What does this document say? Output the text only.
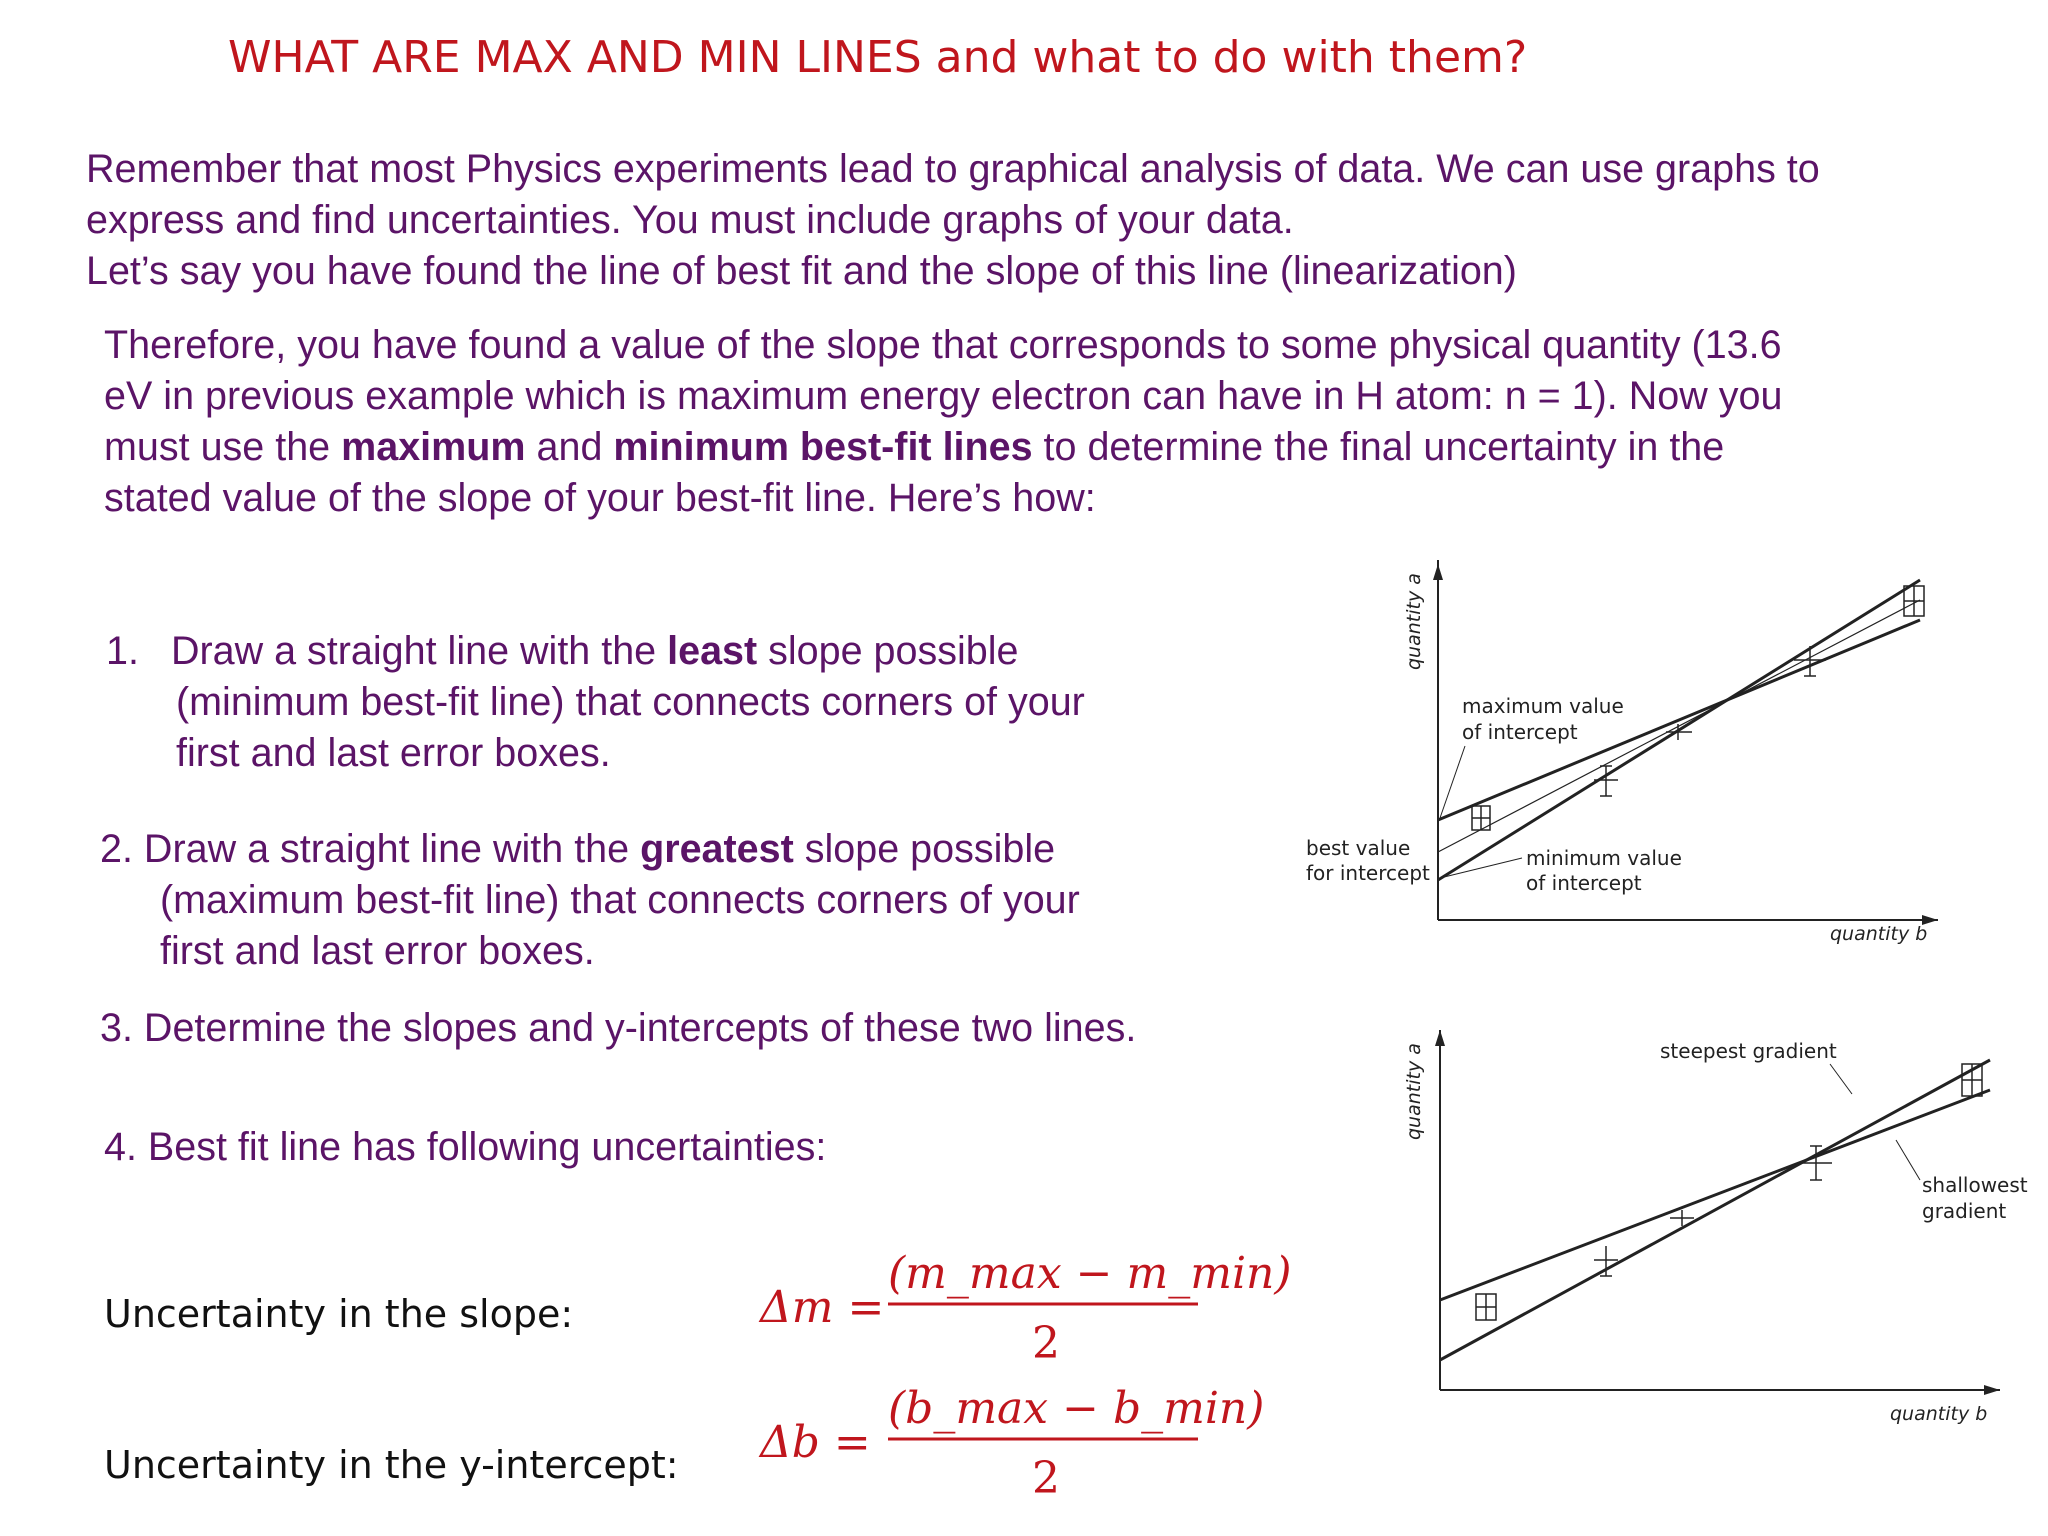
WHAT ARE MAX AND MIN LINES and what to do with them?
Remember that most Physics experiments lead to graphical analysis of data. We can use graphs to
express and find uncertainties. You must include graphs of your data.
Let’s say you have found the line of best fit and the slope of this line (linearization)
Therefore, you have found a value of the slope that corresponds to some physical quantity (13.6
eV in previous example which is maximum energy electron can have in H atom: n = 1). Now you
must use the maximum and minimum best-fit lines to determine the final uncertainty in the
stated value of the slope of your best-fit line. Here’s how:
1. Draw a straight line with the least slope possible
(minimum best-fit line) that connects corners of your
first and last error boxes.
2. Draw a straight line with the greatest slope possible
(maximum best-fit line) that connects corners of your
first and last error boxes.
3. Determine the slopes and y-intercepts of these two lines.
4. Best fit line has following uncertainties:
Uncertainty in the slope:
Uncertainty in the y-intercept:
Δm =
(m_max − m_min)
2
Δb =
(b_max − b_min)
2
quantity a
quantity b
maximum value
of intercept
best value
for intercept
minimum value
of intercept
quantity a
quantity b
steepest gradient
shallowest
gradient
